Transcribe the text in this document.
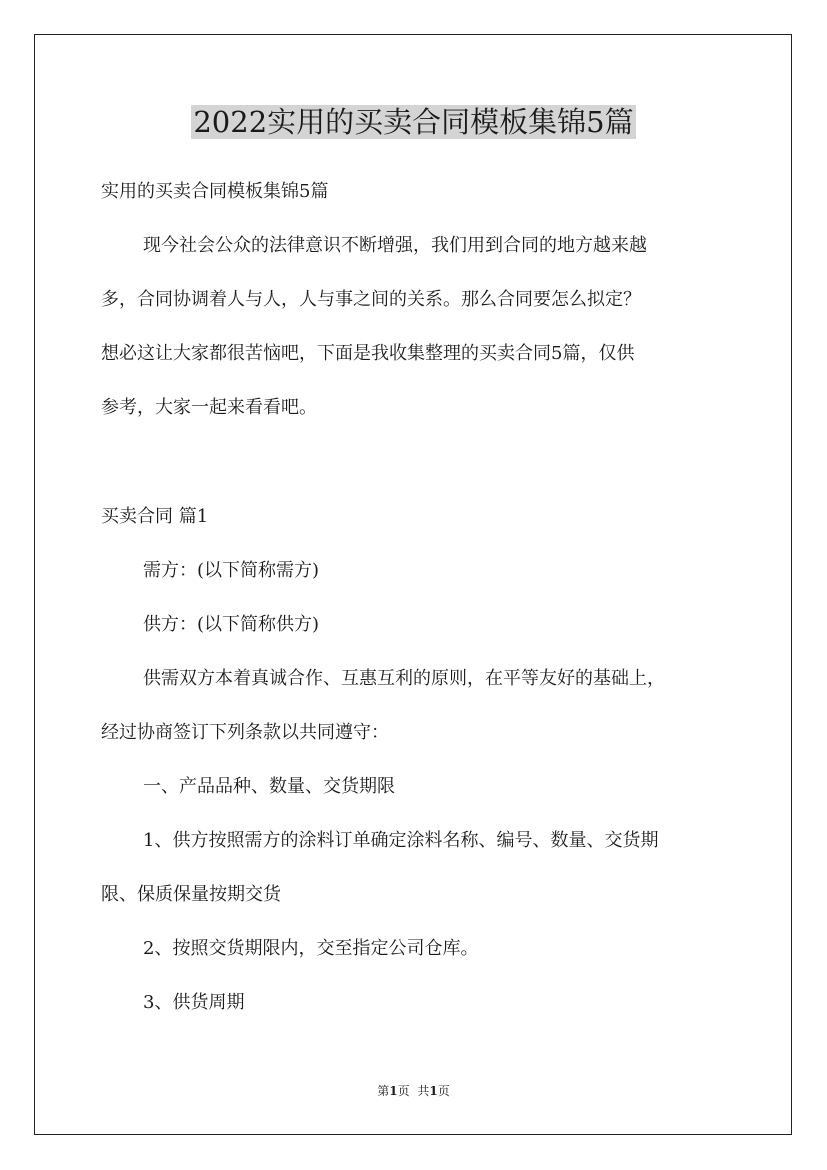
2022实用的买卖合同模板集锦5篇

实用的买卖合同模板集锦5篇

现今社会公众的法律意识不断增强，我们用到合同的地方越来越

多，合同协调着人与人，人与事之间的关系。那么合同要怎么拟定？

想必这让大家都很苦恼吧，下面是我收集整理的买卖合同5篇，仅供

参考，大家一起来看看吧。

买卖合同 篇1

需方：(以下简称需方)

供方：(以下简称供方)

供需双方本着真诚合作、互惠互利的原则，在平等友好的基础上，

经过协商签订下列条款以共同遵守：

一、产品品种、数量、交货期限

1、供方按照需方的涂料订单确定涂料名称、编号、数量、交货期

限、保质保量按期交货

2、按照交货期限内，交至指定公司仓库。

3、供货周期

第1页 共1页
